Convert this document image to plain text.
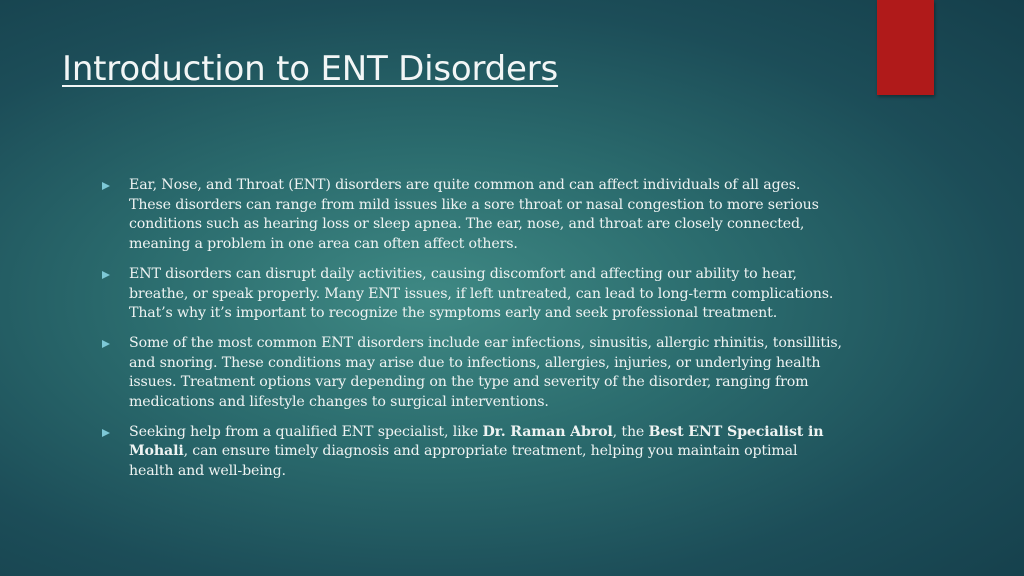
Introduction to ENT Disorders
Ear, Nose, and Throat (ENT) disorders are quite common and can affect individuals of all ages. These disorders can range from mild issues like a sore throat or nasal congestion to more serious conditions such as hearing loss or sleep apnea. The ear, nose, and throat are closely connected, meaning a problem in one area can often affect others.
ENT disorders can disrupt daily activities, causing discomfort and affecting our ability to hear, breathe, or speak properly. Many ENT issues, if left untreated, can lead to long-term complications. That’s why it’s important to recognize the symptoms early and seek professional treatment.
Some of the most common ENT disorders include ear infections, sinusitis, allergic rhinitis, tonsillitis, and snoring. These conditions may arise due to infections, allergies, injuries, or underlying health issues. Treatment options vary depending on the type and severity of the disorder, ranging from medications and lifestyle changes to surgical interventions.
Seeking help from a qualified ENT specialist, like Dr. Raman Abrol, the Best ENT Specialist in Mohali, can ensure timely diagnosis and appropriate treatment, helping you maintain optimal health and well-being.
